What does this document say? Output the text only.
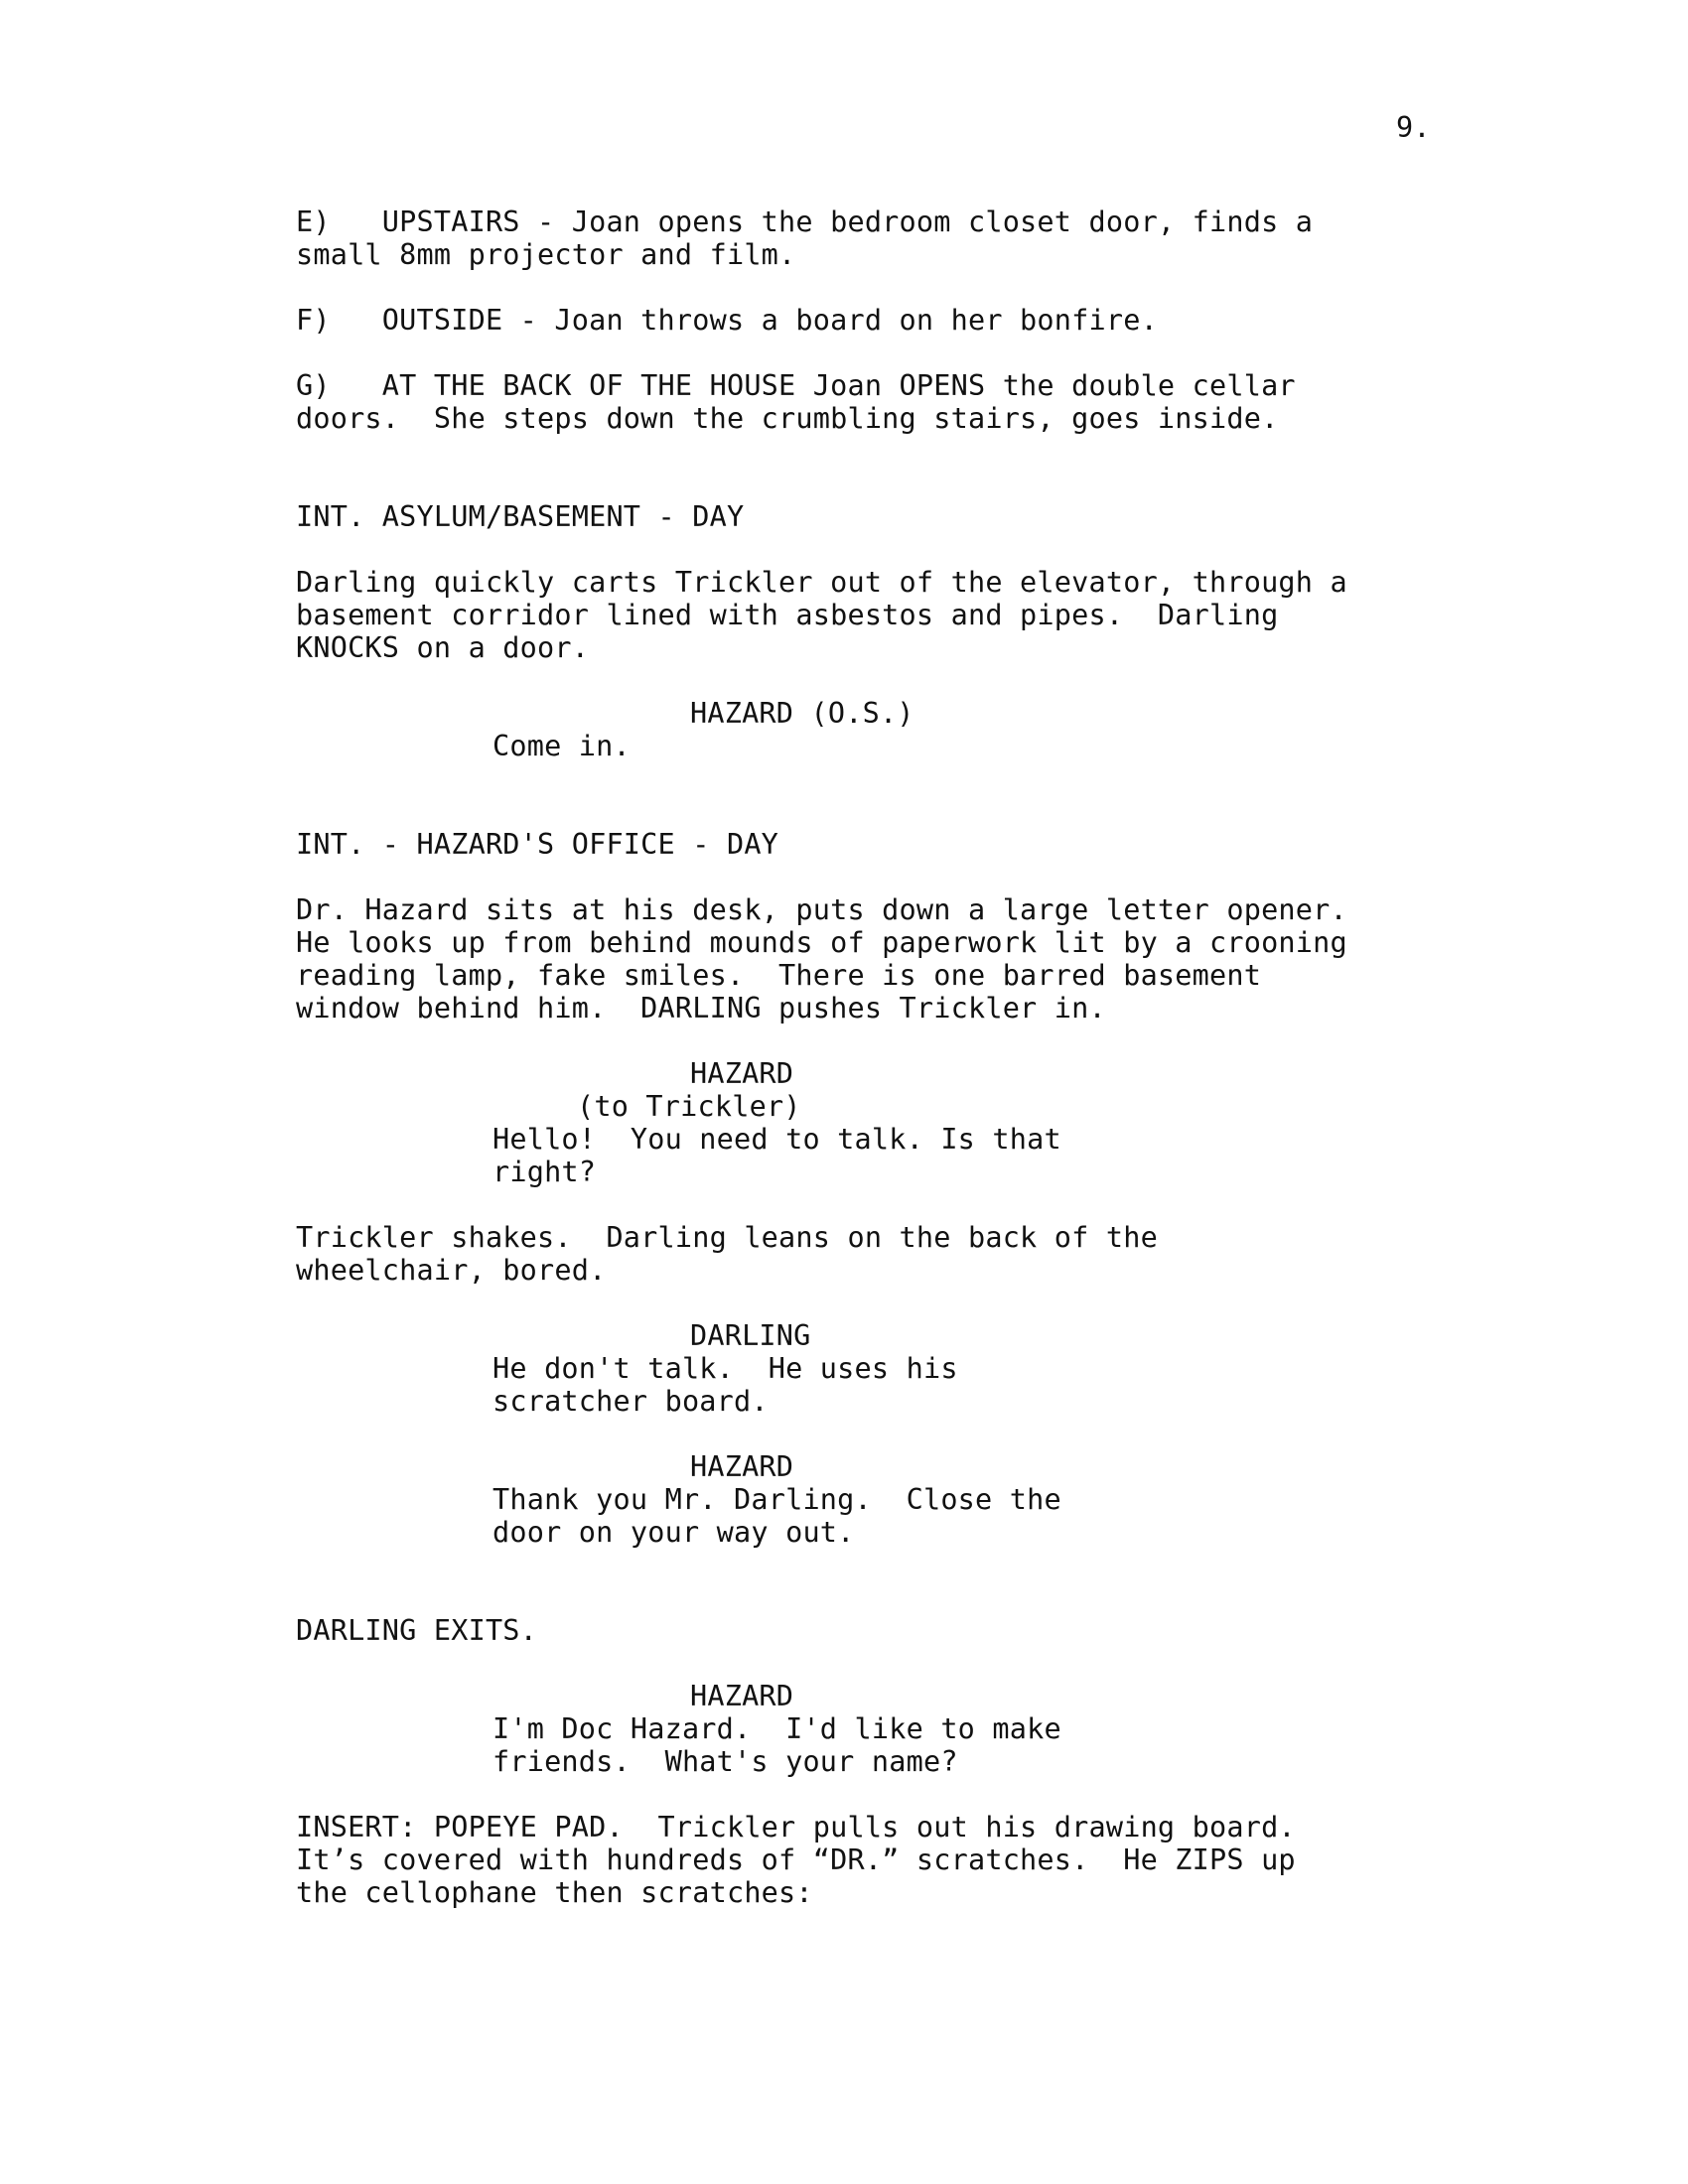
9.
E)   UPSTAIRS - Joan opens the bedroom closet door, finds a
small 8mm projector and film.
F)   OUTSIDE - Joan throws a board on her bonfire.
G)   AT THE BACK OF THE HOUSE Joan OPENS the double cellar
doors.  She steps down the crumbling stairs, goes inside.
INT. ASYLUM/BASEMENT - DAY
Darling quickly carts Trickler out of the elevator, through a
basement corridor lined with asbestos and pipes.  Darling
KNOCKS on a door.
HAZARD (O.S.)
Come in.
INT. - HAZARD'S OFFICE - DAY
Dr. Hazard sits at his desk, puts down a large letter opener.
He looks up from behind mounds of paperwork lit by a crooning
reading lamp, fake smiles.  There is one barred basement
window behind him.  DARLING pushes Trickler in.
HAZARD
(to Trickler)
Hello!  You need to talk. Is that
right?
Trickler shakes.  Darling leans on the back of the
wheelchair, bored.
DARLING
He don't talk.  He uses his
scratcher board.
HAZARD
Thank you Mr. Darling.  Close the
door on your way out.
DARLING EXITS.
HAZARD
I'm Doc Hazard.  I'd like to make
friends.  What's your name?
INSERT: POPEYE PAD.  Trickler pulls out his drawing board.
It’s covered with hundreds of “DR.” scratches.  He ZIPS up
the cellophane then scratches:
